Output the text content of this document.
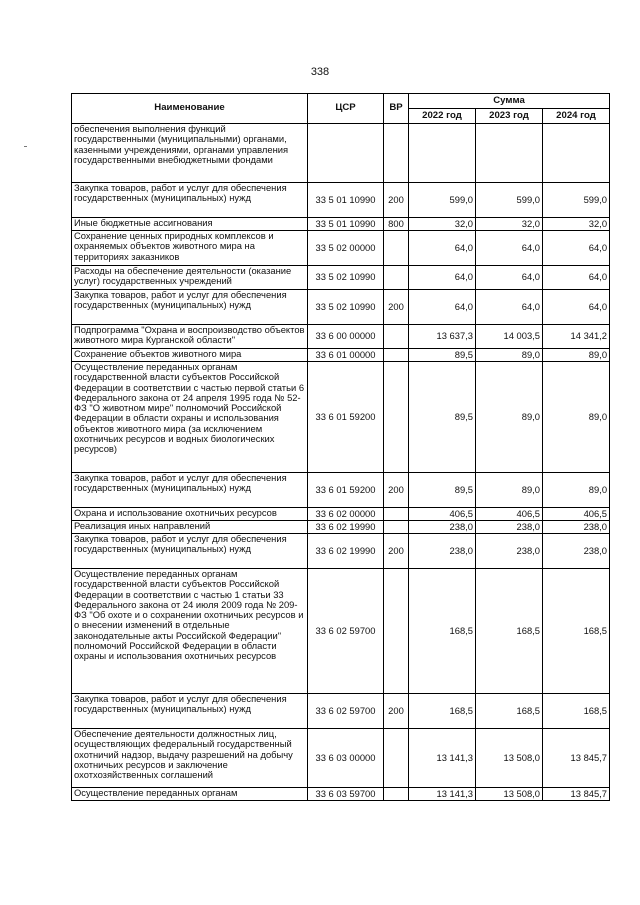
338
Наименование	ЦСР	ВР	Сумма		
			2022 год	2023 год	2024 год
обеспечения выполнения функций государственными (муниципальными) органами, казенными учреждениями, органами управления государственными внебюджетными фондами					
Закупка товаров, работ и услуг для обеспечения государственных (муниципальных) нужд	33 5 01 10990	200	599,0	599,0	599,0
Иные бюджетные ассигнования	33 5 01 10990	800	32,0	32,0	32,0
Сохранение ценных природных комплексов и охраняемых объектов животного мира на территориях заказников	33 5 02 00000		64,0	64,0	64,0
Расходы на обеспечение деятельности (оказание услуг) государственных учреждений	33 5 02 10990		64,0	64,0	64,0
Закупка товаров, работ и услуг для обеспечения государственных (муниципальных) нужд	33 5 02 10990	200	64,0	64,0	64,0
Подпрограмма "Охрана и воспроизводство объектов животного мира Курганской области"	33 6 00 00000		13 637,3	14 003,5	14 341,2
Сохранение объектов животного мира	33 6 01 00000		89,5	89,0	89,0
Осуществление переданных органам государственной власти субъектов Российской Федерации в соответствии с частью первой статьи 6 Федерального закона от 24 апреля 1995 года № 52-ФЗ "О животном мире" полномочий Российской Федерации в области охраны и использования объектов животного мира (за исключением охотничьих ресурсов и водных биологических ресурсов)	33 6 01 59200		89,5	89,0	89,0
Закупка товаров, работ и услуг для обеспечения государственных (муниципальных) нужд	33 6 01 59200	200	89,5	89,0	89,0
Охрана и использование охотничьих ресурсов	33 6 02 00000		406,5	406,5	406,5
Реализация иных направлений	33 6 02 19990		238,0	238,0	238,0
Закупка товаров, работ и услуг для обеспечения государственных (муниципальных) нужд	33 6 02 19990	200	238,0	238,0	238,0
Осуществление переданных органам государственной власти субъектов Российской Федерации в соответствии с частью 1 статьи 33 Федерального закона от 24 июля 2009 года № 209-ФЗ "Об охоте и о сохранении охотничьих ресурсов и о внесении изменений в отдельные законодательные акты Российской Федерации" полномочий Российской Федерации в области охраны и использования охотничьих ресурсов	33 6 02 59700		168,5	168,5	168,5
Закупка товаров, работ и услуг для обеспечения государственных (муниципальных) нужд	33 6 02 59700	200	168,5	168,5	168,5
Обеспечение деятельности должностных лиц, осуществляющих федеральный государственный охотничий надзор, выдачу разрешений на добычу охотничьих ресурсов и заключение охотхозяйственных соглашений	33 6 03 00000		13 141,3	13 508,0	13 845,7
Осуществление переданных органам	33 6 03 59700		13 141,3	13 508,0	13 845,7
